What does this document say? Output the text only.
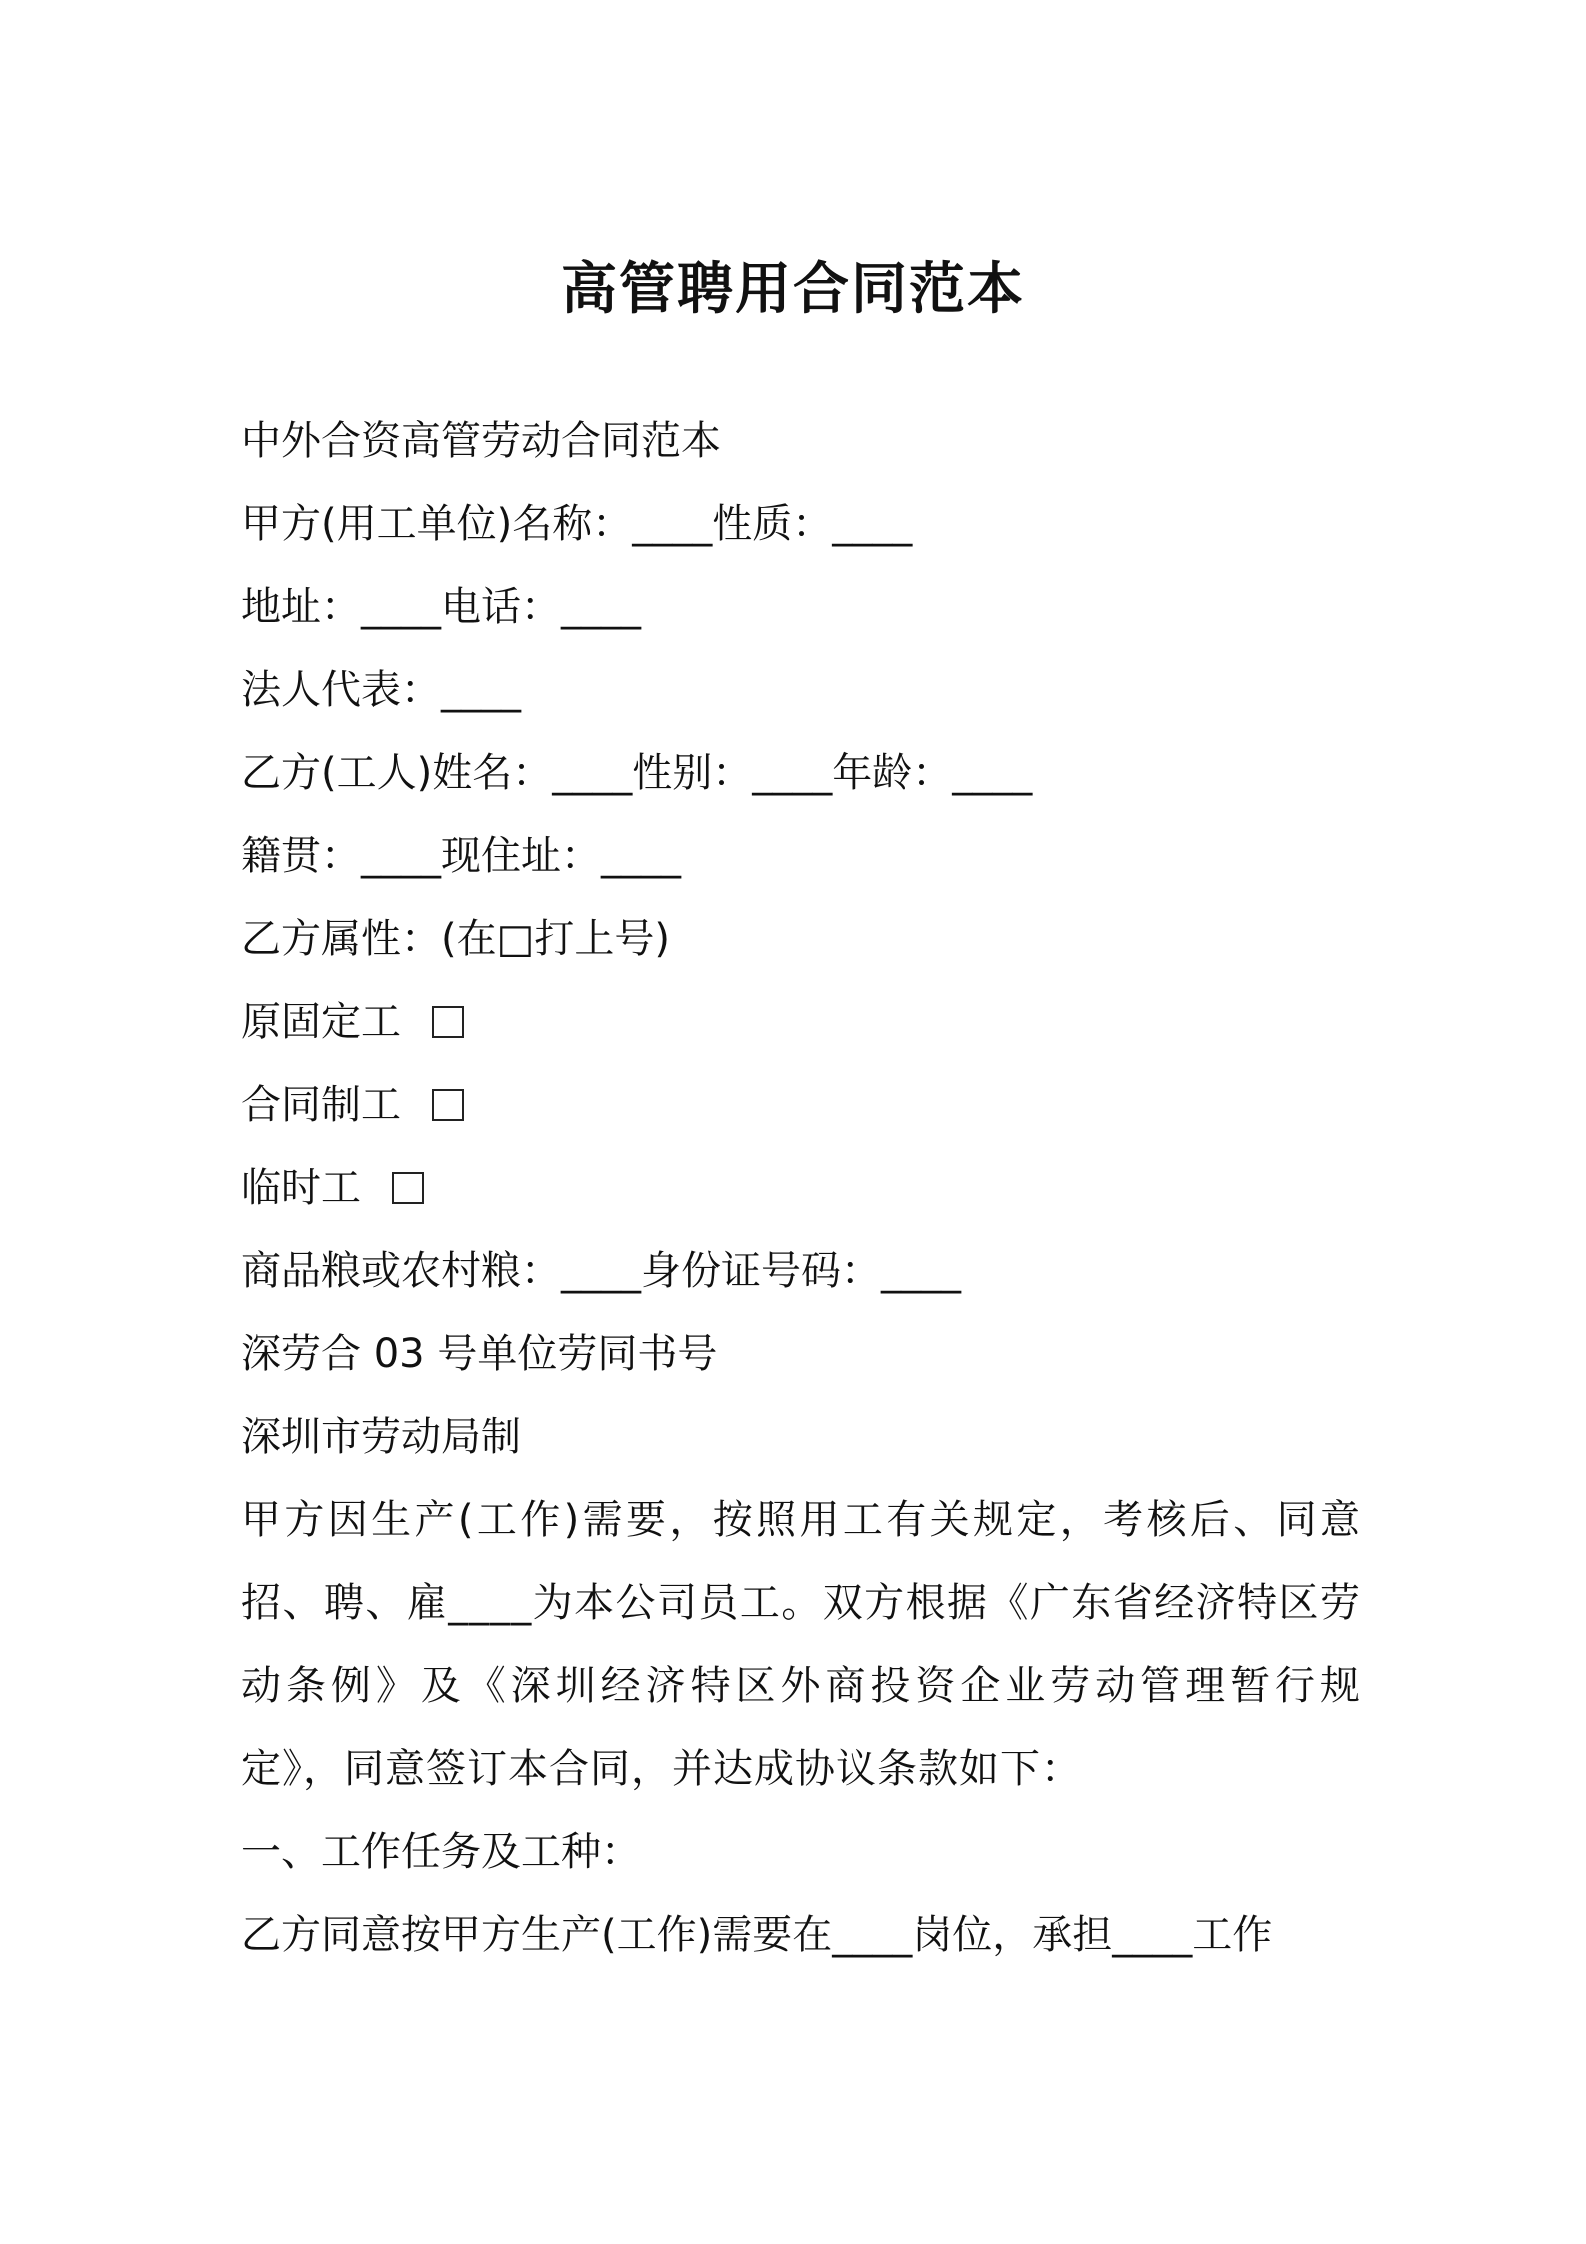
高管聘用合同范本

中外合资高管劳动合同范本

甲方(用工单位)名称：____性质：____

地址：____电话：____

法人代表：____

乙方(工人)姓名：____性别：____年龄：____

籍贯：____现住址：____

乙方属性：(在□打上号)

原固定工

合同制工

临时工

商品粮或农村粮：____身份证号码：____

深劳合 03 号单位劳同书号

深圳市劳动局制

甲方因生产(工作)需要，按照用工有关规定，考核后、同意招、聘、雇____为本公司员工。双方根据《广东省经济特区劳动条例》及《深圳经济特区外商投资企业劳动管理暂行规定》，同意签订本合同，并达成协议条款如下：

一、工作任务及工种：

乙方同意按甲方生产(工作)需要在____岗位，承担____工作
